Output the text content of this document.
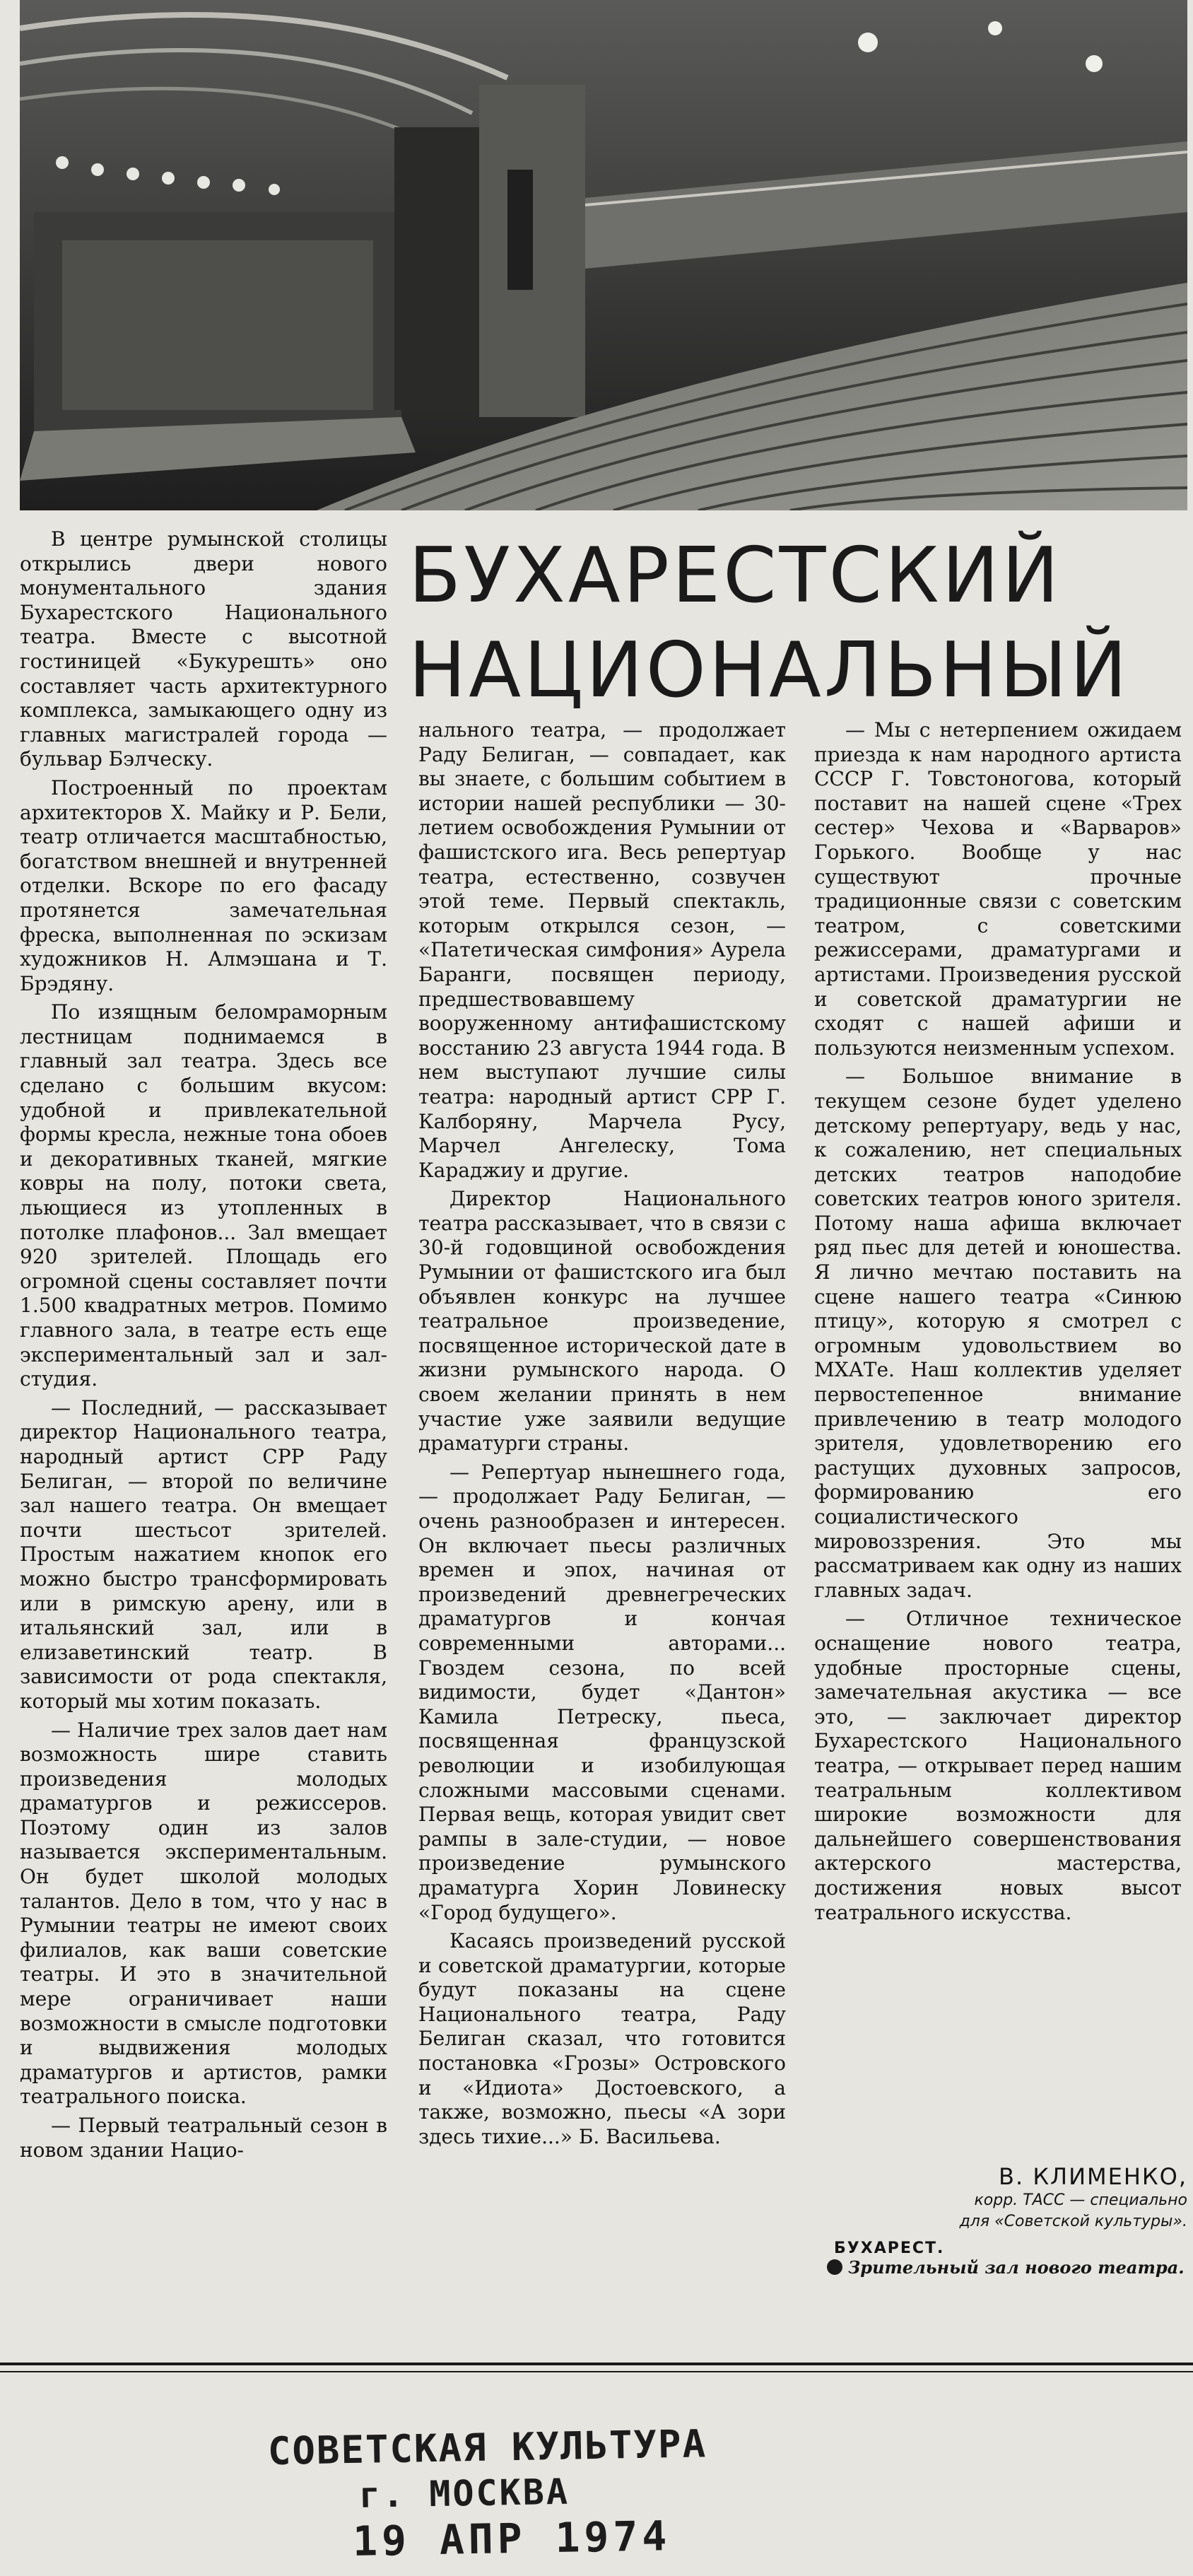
БУХАРЕСТСКИЙ
НАЦИОНАЛЬНЫЙ

В центре румынской столицы открылись двери нового монументального здания Бухарестского Национального театра. Вместе с высотной гостиницей «Букурешть» оно составляет часть архитектурного комплекса, замыкающего одну из главных магистралей города — бульвар Бэлческу.

Построенный по проектам архитекторов Х. Майку и Р. Бели, театр отличается масштабностью, богатством внешней и внутренней отделки. Вскоре по его фасаду протянется замечательная фреска, выполненная по эскизам художников Н. Алмэшана и Т. Брэдяну.

По изящным беломраморным лестницам поднимаемся в главный зал театра. Здесь все сделано с большим вкусом: удобной и привлекательной формы кресла, нежные тона обоев и декоративных тканей, мягкие ковры на полу, потоки света, льющиеся из утопленных в потолке плафонов... Зал вмещает 920 зрителей. Площадь его огромной сцены составляет почти 1.500 квадратных метров. Помимо главного зала, в театре есть еще экспериментальный зал и зал-студия.

— Последний, — рассказывает директор Национального театра, народный артист СРР Раду Белиган, — второй по величине зал нашего театра. Он вмещает почти шестьсот зрителей. Простым нажатием кнопок его можно быстро трансформировать или в римскую арену, или в итальянский зал, или в елизаветинский театр. В зависимости от рода спектакля, который мы хотим показать.

— Наличие трех залов дает нам возможность шире ставить произведения молодых драматургов и режиссеров. Поэтому один из залов называется экспериментальным. Он будет школой молодых талантов. Дело в том, что у нас в Румынии театры не имеют своих филиалов, как ваши советские театры. И это в значительной мере ограничивает наши возможности в смысле подготовки и выдвижения молодых драматургов и артистов, рамки театрального поиска.

— Первый театральный сезон в новом здании Нацио-

нального театра, — продолжает Раду Белиган, — совпадает, как вы знаете, с большим событием в истории нашей республики — 30-летием освобождения Румынии от фашистского ига. Весь репертуар театра, естественно, созвучен этой теме. Первый спектакль, которым открылся сезон, — «Патетическая симфония» Аурела Баранги, посвящен периоду, предшествовавшему вооруженному антифашистскому восстанию 23 августа 1944 года. В нем выступают лучшие силы театра: народный артист СРР Г. Калборяну, Марчела Русу, Марчел Ангелеску, Тома Караджиу и другие.

Директор Национального театра рассказывает, что в связи с 30-й годовщиной освобождения Румынии от фашистского ига был объявлен конкурс на лучшее театральное произведение, посвященное исторической дате в жизни румынского народа. О своем желании принять в нем участие уже заявили ведущие драматурги страны.

— Репертуар нынешнего года, — продолжает Раду Белиган, — очень разнообразен и интересен. Он включает пьесы различных времен и эпох, начиная от произведений древнегреческих драматургов и кончая современными авторами... Гвоздем сезона, по всей видимости, будет «Дантон» Камила Петреску, пьеса, посвященная французской революции и изобилующая сложными массовыми сценами. Первая вещь, которая увидит свет рампы в зале-студии, — новое произведение румынского драматурга Хорин Ловинеску «Город будущего».

Касаясь произведений русской и советской драматургии, которые будут показаны на сцене Национального театра, Раду Белиган сказал, что готовится постановка «Грозы» Островского и «Идиота» Достоевского, а также, возможно, пьесы «А зори здесь тихие...» Б. Васильева.

— Мы с нетерпением ожидаем приезда к нам народного артиста СССР Г. Товстоногова, который поставит на нашей сцене «Трех сестер» Чехова и «Варваров» Горького. Вообще у нас существуют прочные традиционные связи с советским театром, с советскими режиссерами, драматургами и артистами. Произведения русской и советской драматургии не сходят с нашей афиши и пользуются неизменным успехом.

— Большое внимание в текущем сезоне будет уделено детскому репертуару, ведь у нас, к сожалению, нет специальных детских театров наподобие советских театров юного зрителя. Потому наша афиша включает ряд пьес для детей и юношества. Я лично мечтаю поставить на сцене нашего театра «Синюю птицу», которую я смотрел с огромным удовольствием во МХАТе. Наш коллектив уделяет первостепенное внимание привлечению в театр молодого зрителя, удовлетворению его растущих духовных запросов, формированию его социалистического мировоззрения. Это мы рассматриваем как одну из наших главных задач.

— Отличное техническое оснащение нового театра, удобные просторные сцены, замечательная акустика — все это, — заключает директор Бухарестского Национального театра, — открывает перед нашим театральным коллективом широкие возможности для дальнейшего совершенствования актерского мастерства, достижения новых высот театрального искусства.

В. КЛИМЕНКО,
корр. ТАСС — специально
для «Советской культуры».
БУХАРЕСТ.
Зрительный зал нового театра.
СОВЕТСКАЯ КУЛЬТУРА
г. МОСКВА
19 АПР 1974
